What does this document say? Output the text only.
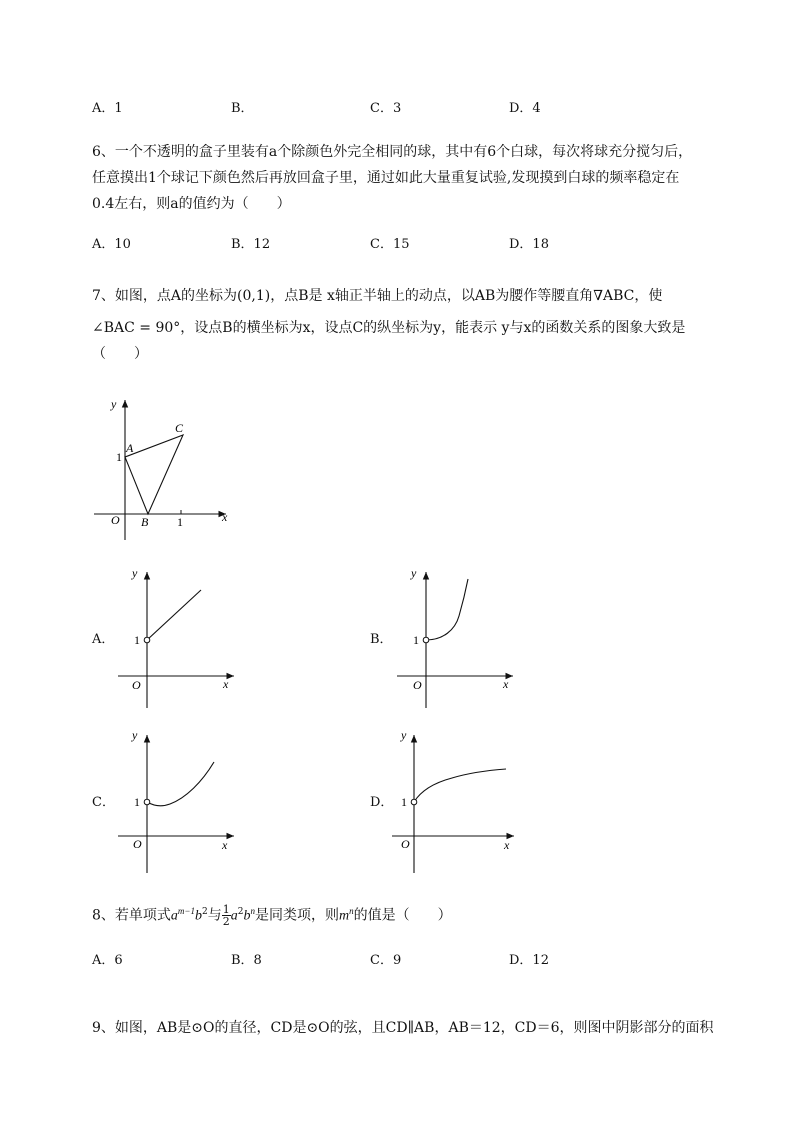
A．1	B．	C．3	D．4
6、一个不透明的盒子里装有a个除颜色外完全相同的球，其中有6个白球，每次将球充分搅匀后，
任意摸出1个球记下颜色然后再放回盒子里，通过如此大量重复试验,发现摸到白球的频率稳定在
0.4左右，则a的值约为（　　）
A．10	B．12	C．15	D．18
7、如图，点A的坐标为(0,1)，点B是 x轴正半轴上的动点，以AB为腰作等腰直角∇ABC，使
∠BAC = 90°，设点B的横坐标为x，设点C的纵坐标为y，能表示 y与x的函数关系的图象大致是
（　　）
y
x
O
A
B
C
1
1
A．
y
x
O
1	B．
y
x
O
1
C．
y
x
O
1	D．
y
x
O
1
8、若单项式$a^{m-1}b^2$与 $\frac{1}{2} a^2b^n$是同类项，则$m^n$的值是（　　）
A．6	B．8	C．9	D．12
9、如图，AB是⊙O的直径，CD是⊙O的弦，且CD∥AB，AB＝12，CD＝6，则图中阴影部分的面积
